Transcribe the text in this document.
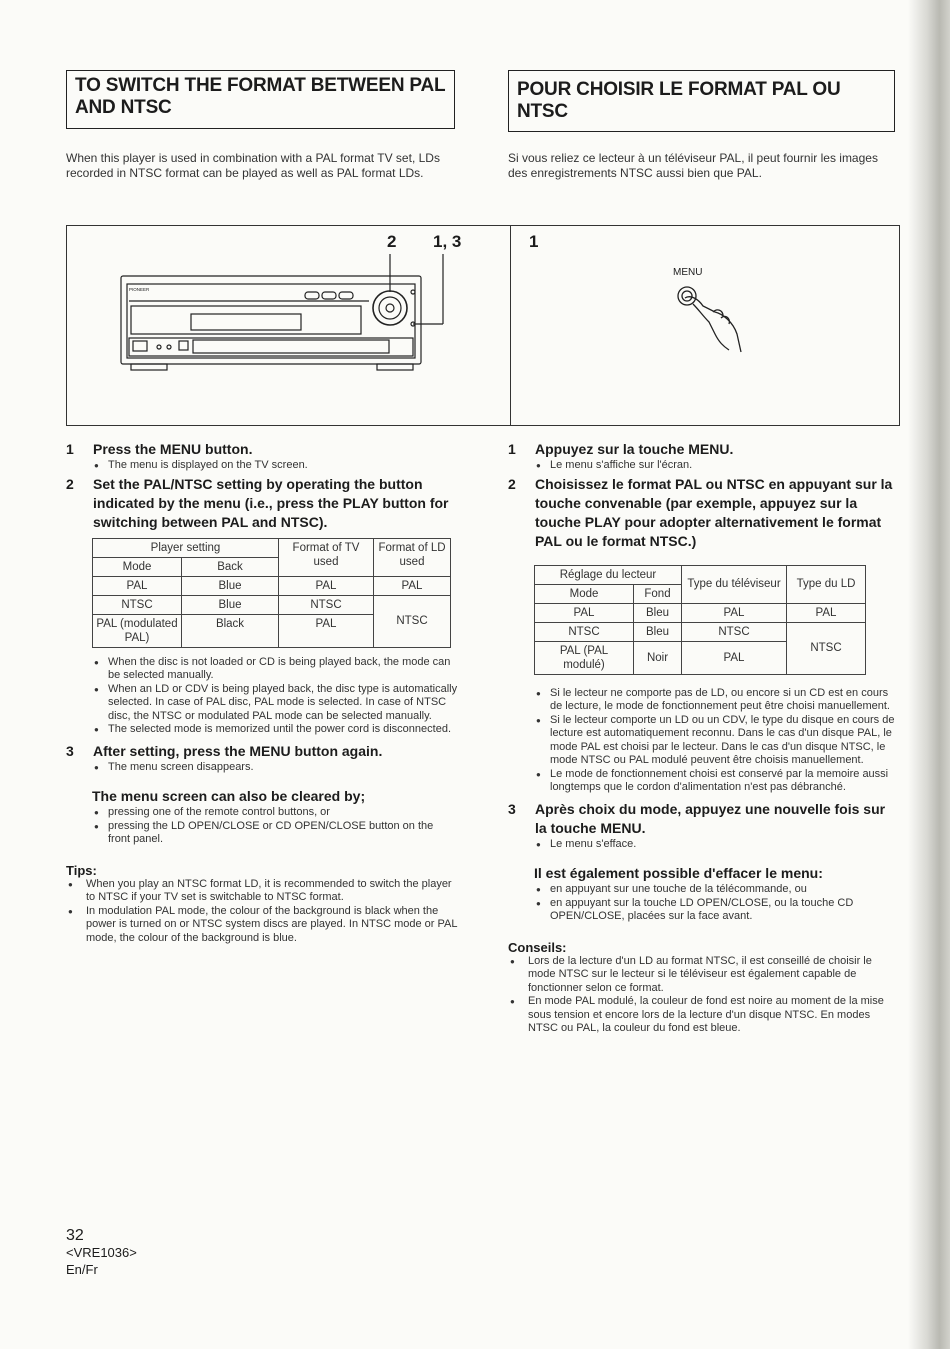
TO SWITCH THE FORMAT BETWEEN PAL AND NTSC
POUR CHOISIR LE FORMAT PAL OU NTSC
When this player is used in combination with a PAL format TV set, LDs recorded in NTSC format can be played as well as PAL format LDs.
Si vous reliez ce lecteur à un téléviseur PAL, il peut fournir les images des enregistrements NTSC aussi bien que PAL.
2 1, 3	1
MENU
PIONEER
1	Press the MENU button.
● The menu is displayed on the TV screen.
2	Set the PAL/NTSC setting by operating the button indicated by the menu (i.e., press the PLAY button for switching between PAL and NTSC).
Player setting		Format of TV used	Format of LD used
Mode	Back		
PAL	Blue	PAL	PAL
NTSC	Blue	NTSC	NTSC
PAL (modulated PAL)	Black	PAL	
● When the disc is not loaded or CD is being played back, the mode can be selected manually.
● When an LD or CDV is being played back, the disc type is automatically selected. In case of PAL disc, PAL mode is selected. In case of NTSC disc, the NTSC or modulated PAL mode can be selected manually.
● The selected mode is memorized until the power cord is disconnected.
3	After setting, press the MENU button again.
● The menu screen disappears.

The menu screen can also be cleared by;

● pressing one of the remote control buttons, or
● pressing the LD OPEN/CLOSE or CD OPEN/CLOSE button on the front panel.

Tips:

● When you play an NTSC format LD, it is recommended to switch the player to NTSC if your TV set is switchable to NTSC format.
● In modulation PAL mode, the colour of the background is black when the power is turned on or NTSC system discs are played. In NTSC mode or PAL mode, the colour of the background is blue.
1	Appuyez sur la touche MENU.
● Le menu s'affiche sur l'écran.
2	Choisissez le format PAL ou NTSC en appuyant sur la touche convenable (par exemple, appuyez sur la touche PLAY pour adopter alternativement le format PAL ou le format NTSC.)
Réglage du lecteur		Type du téléviseur	Type du LD
Mode	Fond		
PAL	Bleu	PAL	PAL
NTSC	Bleu	NTSC	NTSC
PAL (PAL modulé)	Noir	PAL	
● Si le lecteur ne comporte pas de LD, ou encore si un CD est en cours de lecture, le mode de fonctionnement peut être choisi manuellement.
● Si le lecteur comporte un LD ou un CDV, le type du disque en cours de lecture est automatiquement reconnu. Dans le cas d'un disque PAL, le mode PAL est choisi par le lecteur. Dans le cas d'un disque NTSC, le mode NTSC ou PAL modulé peuvent être choisis manuellement.
● Le mode de fonctionnement choisi est conservé par la memoire aussi longtemps que le cordon d'alimentation n'est pas débranché.
3	Après choix du mode, appuyez une nouvelle fois sur la touche MENU.
● Le menu s'efface.

Il est également possible d'effacer le menu:

● en appuyant sur une touche de la télécommande, ou
● en appuyant sur la touche LD OPEN/CLOSE, ou la touche CD OPEN/CLOSE, placées sur la face avant.

Conseils:

● Lors de la lecture d'un LD au format NTSC, il est conseillé de choisir le mode NTSC sur le lecteur si le téléviseur est également capable de fonctionner selon ce format.
● En mode PAL modulé, la couleur de fond est noire au moment de la mise sous tension et encore lors de la lecture d'un disque NTSC. En modes NTSC ou PAL, la couleur du fond est bleue.
32
<VRE1036>
En/Fr
